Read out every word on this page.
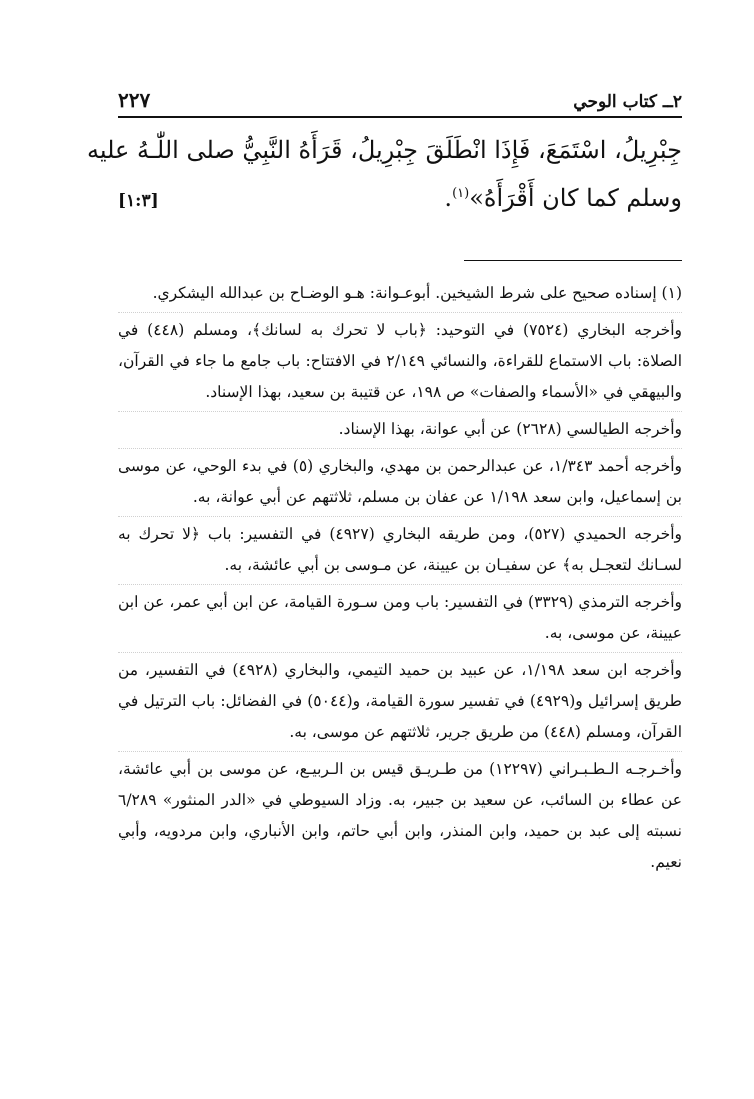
٢ــ كتاب الوحي
٢٢٧
جِبْرِيلُ، اسْتَمَعَ، فَإِذَا انْطَلَقَ جِبْرِيلُ، قَرَأَهُ النَّبِيُّ صلى اللّٰـهُ عليه
وسلم كما كان أَقْرَأَهُ»$^{(١)}$.
[١:٣]

(١) إسناده صحيح على شرط الشيخين. أبوعـوانة: هـو الوضـاح بن عبدالله اليشكري.

وأخرجه البخاري (٧٥٢٤) في التوحيد: ﴿باب لا تحرك به لسانك﴾، ومسلم (٤٤٨) في الصلاة: باب الاستماع للقراءة، والنسائي ٢/١٤٩ في الافتتاح: باب جامع ما جاء في القرآن، والبيهقي في «الأسماء والصفات» ص ١٩٨، عن قتيبة بن سعيد، بهذا الإسناد.

وأخرجه الطيالسي (٢٦٢٨) عن أبي عوانة، بهذا الإسناد.

وأخرجه أحمد ١/٣٤٣، عن عبدالرحمن بن مهدي، والبخاري (٥) في بدء الوحي، عن موسى بن إسماعيل، وابن سعد ١/١٩٨ عن عفان بن مسلم، ثلاثتهم عن أبي عوانة، به.

وأخرجه الحميدي (٥٢٧)، ومن طريقه البخاري (٤٩٢٧) في التفسير: باب ﴿لا تحرك به لسـانك لتعجـل به﴾ عن سفيـان بن عيينة، عن مـوسى بن أبي عائشة، به.

وأخرجه الترمذي (٣٣٢٩) في التفسير: باب ومن سـورة القيامة، عن ابن أبي عمر، عن ابن عيينة، عن موسى، به.

وأخرجه ابن سعد ١/١٩٨، عن عبيد بن حميد التيمي، والبخاري (٤٩٢٨) في التفسير، من طريق إسرائيل و(٤٩٢٩) في تفسير سورة القيامة، و(٥٠٤٤) في الفضائل: باب الترتيل في القرآن، ومسلم (٤٤٨) من طريق جرير، ثلاثتهم عن موسى، به.

وأخـرجـه الـطـبـراني (١٢٢٩٧) من طـريـق قيس بن الـربيـع، عن موسى بن أبي عائشة، عن عطاء بن السائب، عن سعيد بن جبير، به. وزاد السيوطي في «الدر المنثور» ٦/٢٨٩ نسبته إلى عبد بن حميد، وابن المنذر، وابن أبي حاتم، وابن الأنباري، وابن مردويه، وأبي نعيم.
